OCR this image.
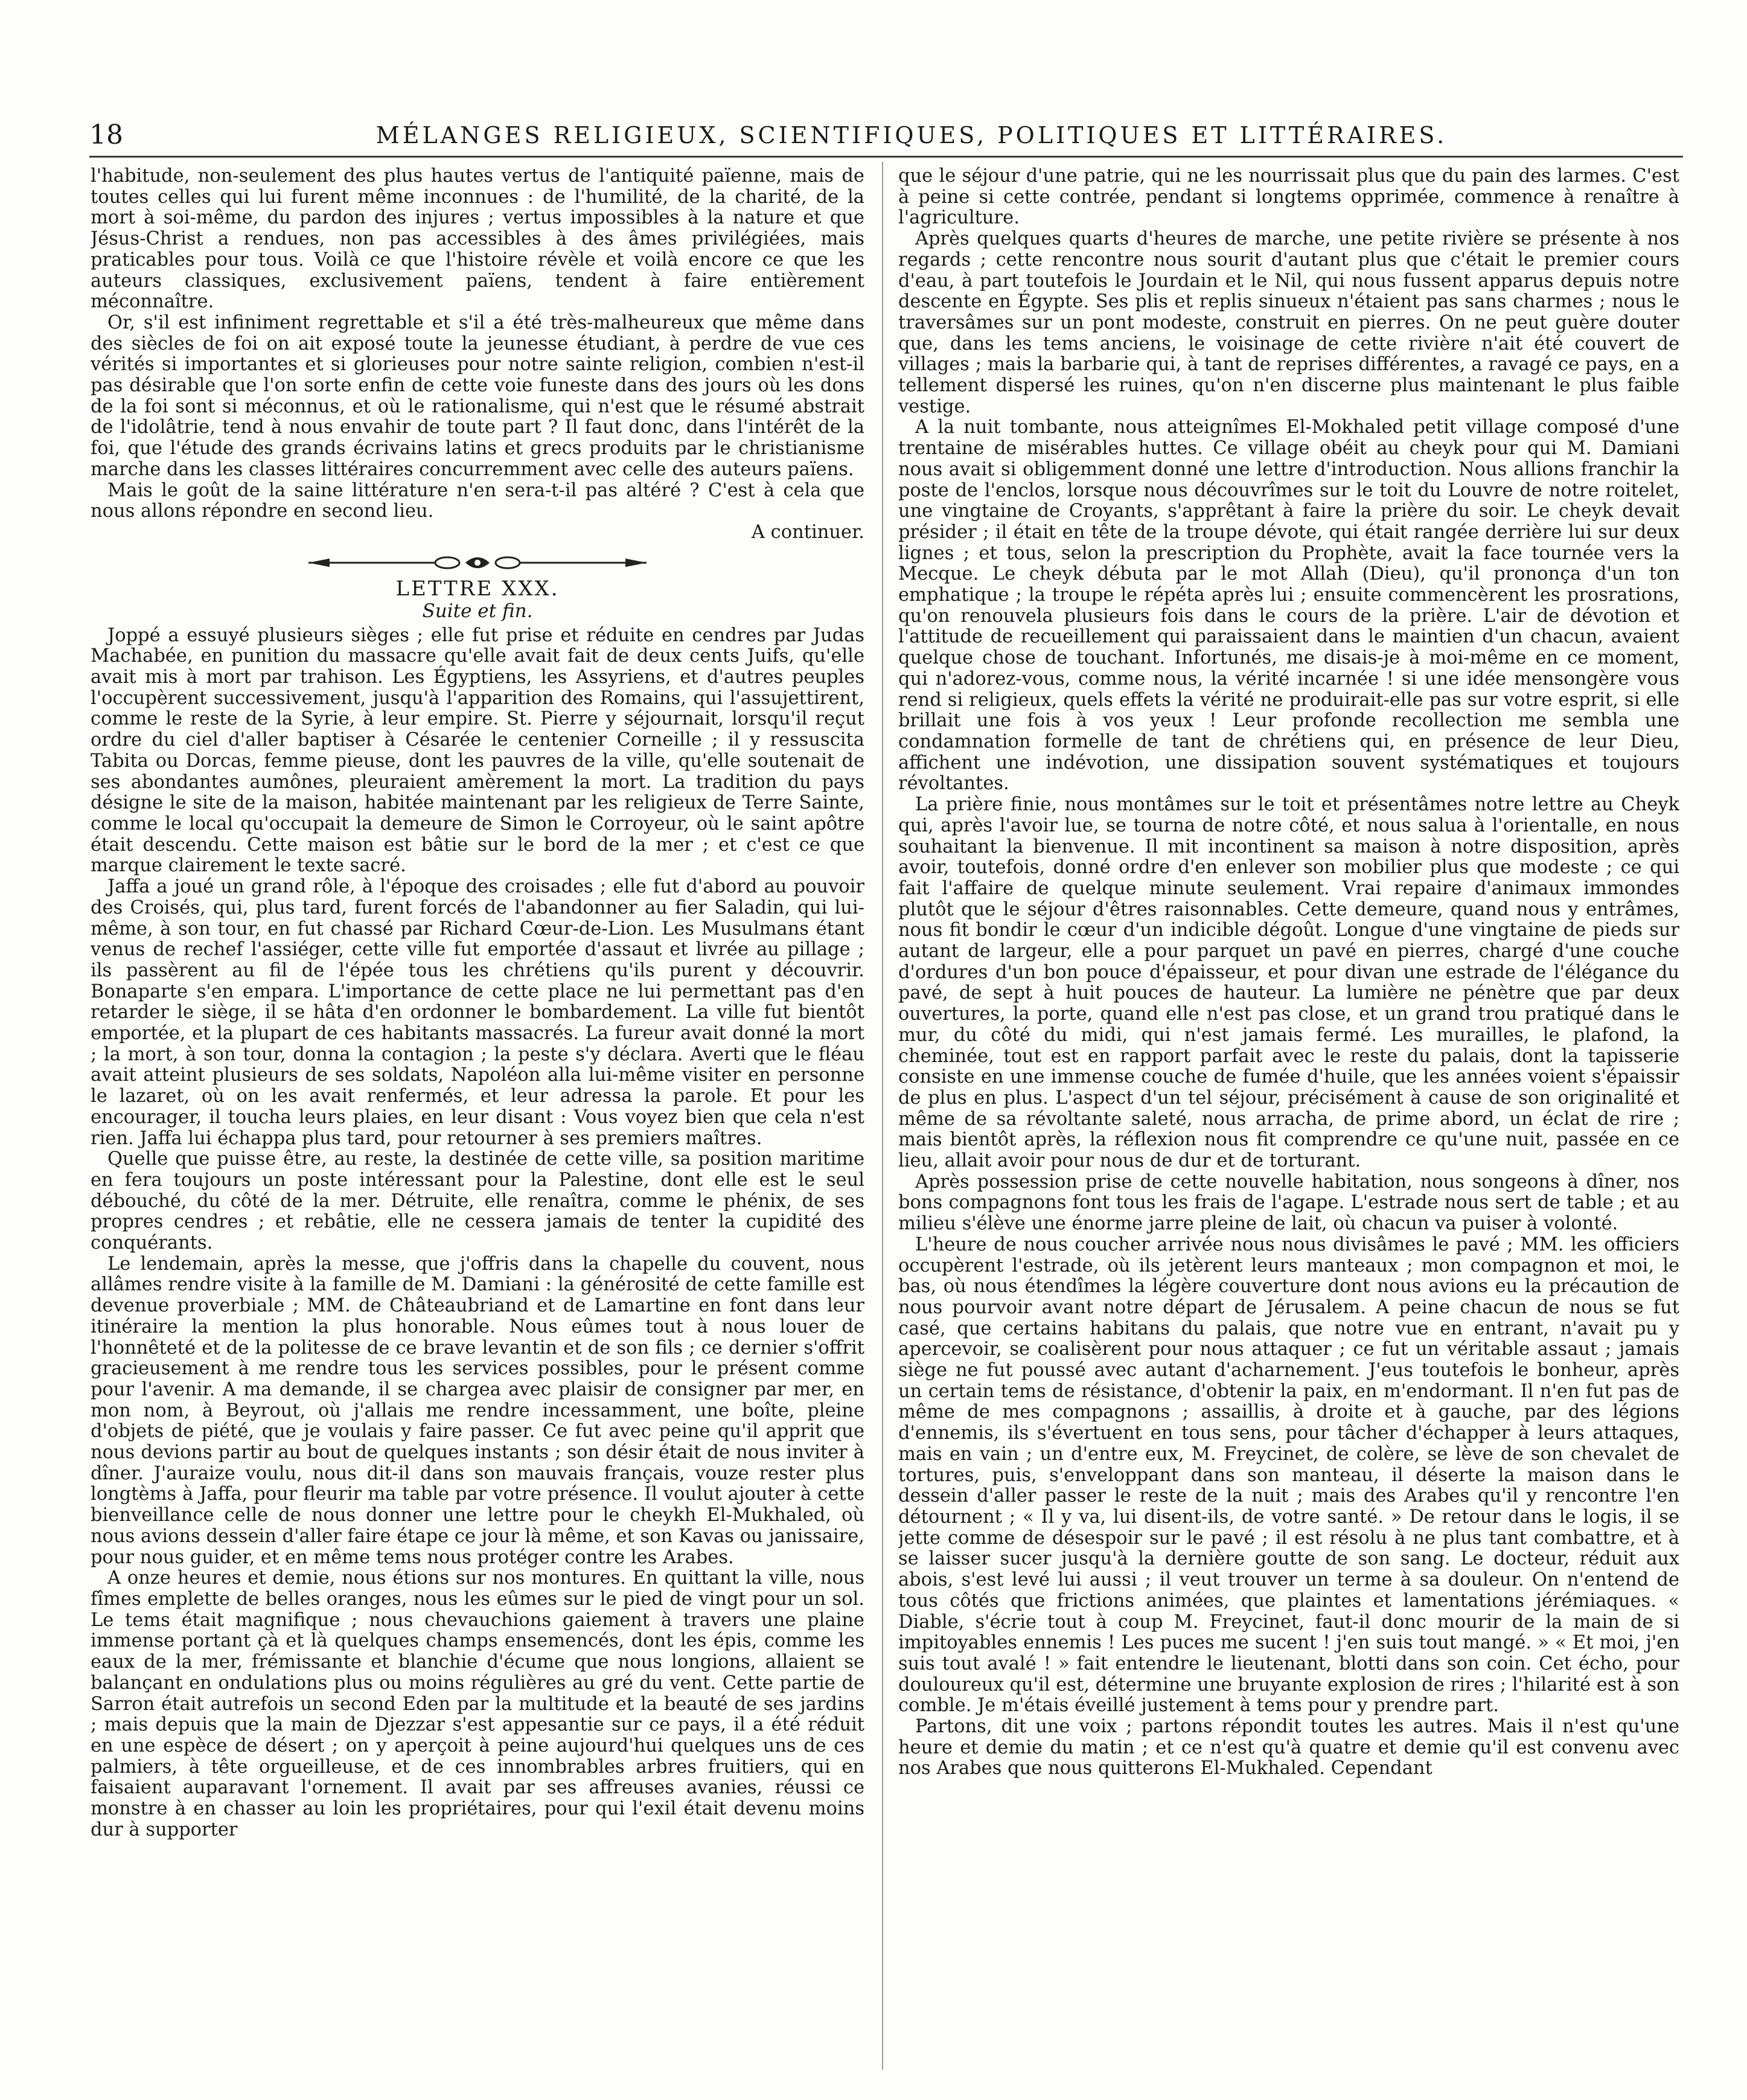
18	MÉLANGES RELIGIEUX, SCIENTIFIQUES, POLITIQUES ET LITTÉRAIRES.

l'habitude, non-seulement des plus hautes vertus de l'antiquité païenne, mais de toutes celles qui lui furent même inconnues : de l'humilité, de la charité, de la mort à soi-même, du pardon des injures ; vertus impossibles à la nature et que Jésus-Christ a rendues, non pas accessibles à des âmes privilégiées, mais praticables pour tous. Voilà ce que l'histoire révèle et voilà encore ce que les auteurs classiques, exclusivement païens, tendent à faire entièrement méconnaître.

Or, s'il est infiniment regrettable et s'il a été très-malheureux que même dans des siècles de foi on ait exposé toute la jeunesse étudiant, à perdre de vue ces vérités si importantes et si glorieuses pour notre sainte religion, combien n'est-il pas désirable que l'on sorte enfin de cette voie funeste dans des jours où les dons de la foi sont si méconnus, et où le rationalisme, qui n'est que le résumé abstrait de l'idolâtrie, tend à nous envahir de toute part ? Il faut donc, dans l'intérêt de la foi, que l'étude des grands écrivains latins et grecs produits par le christianisme marche dans les classes littéraires concurremment avec celle des auteurs païens.

Mais le goût de la saine littérature n'en sera-t-il pas altéré ? C'est à cela que nous allons répondre en second lieu.
A continuer.

LETTRE XXX.
Suite et fin.

Joppé a essuyé plusieurs sièges ; elle fut prise et réduite en cendres par Judas Machabée, en punition du massacre qu'elle avait fait de deux cents Juifs, qu'elle avait mis à mort par trahison. Les Égyptiens, les Assyriens, et d'autres peuples l'occupèrent successivement, jusqu'à l'apparition des Romains, qui l'assujettirent, comme le reste de la Syrie, à leur empire. St. Pierre y séjournait, lorsqu'il reçut ordre du ciel d'aller baptiser à Césarée le centenier Corneille ; il y ressuscita Tabita ou Dorcas, femme pieuse, dont les pauvres de la ville, qu'elle soutenait de ses abondantes aumônes, pleuraient amèrement la mort. La tradition du pays désigne le site de la maison, habitée maintenant par les religieux de Terre Sainte, comme le local qu'occupait la demeure de Simon le Corroyeur, où le saint apôtre était descendu. Cette maison est bâtie sur le bord de la mer ; et c'est ce que marque clairement le texte sacré.

Jaffa a joué un grand rôle, à l'époque des croisades ; elle fut d'abord au pouvoir des Croisés, qui, plus tard, furent forcés de l'abandonner au fier Saladin, qui lui-même, à son tour, en fut chassé par Richard Cœur-de-Lion. Les Musulmans étant venus de rechef l'assiéger, cette ville fut emportée d'assaut et livrée au pillage ; ils passèrent au fil de l'épée tous les chrétiens qu'ils purent y découvrir. Bonaparte s'en empara. L'importance de cette place ne lui permettant pas d'en retarder le siège, il se hâta d'en ordonner le bombardement. La ville fut bientôt emportée, et la plupart de ces habitants massacrés. La fureur avait donné la mort ; la mort, à son tour, donna la contagion ; la peste s'y déclara. Averti que le fléau avait atteint plusieurs de ses soldats, Napoléon alla lui-même visiter en personne le lazaret, où on les avait renfermés, et leur adressa la parole. Et pour les encourager, il toucha leurs plaies, en leur disant : Vous voyez bien que cela n'est rien. Jaffa lui échappa plus tard, pour retourner à ses premiers maîtres.

Quelle que puisse être, au reste, la destinée de cette ville, sa position maritime en fera toujours un poste intéressant pour la Palestine, dont elle est le seul débouché, du côté de la mer. Détruite, elle renaîtra, comme le phénix, de ses propres cendres ; et rebâtie, elle ne cessera jamais de tenter la cupidité des conquérants.

Le lendemain, après la messe, que j'offris dans la chapelle du couvent, nous allâmes rendre visite à la famille de M. Damiani : la générosité de cette famille est devenue proverbiale ; MM. de Châteaubriand et de Lamartine en font dans leur itinéraire la mention la plus honorable. Nous eûmes tout à nous louer de l'honnêteté et de la politesse de ce brave levantin et de son fils ; ce dernier s'offrit gracieusement à me rendre tous les services possibles, pour le présent comme pour l'avenir. A ma demande, il se chargea avec plaisir de consigner par mer, en mon nom, à Beyrout, où j'allais me rendre incessamment, une boîte, pleine d'objets de piété, que je voulais y faire passer. Ce fut avec peine qu'il apprit que nous devions partir au bout de quelques instants ; son désir était de nous inviter à dîner. J'auraize voulu, nous dit-il dans son mauvais français, vouze rester plus longtèms à Jaffa, pour fleurir ma table par votre présence. Il voulut ajouter à cette bienveillance celle de nous donner une lettre pour le cheykh El-Mukhaled, où nous avions dessein d'aller faire étape ce jour là même, et son Kavas ou janissaire, pour nous guider, et en même tems nous protéger contre les Arabes.

A onze heures et demie, nous étions sur nos montures. En quittant la ville, nous fîmes emplette de belles oranges, nous les eûmes sur le pied de vingt pour un sol. Le tems était magnifique ; nous chevauchions gaiement à travers une plaine immense portant çà et là quelques champs ensemencés, dont les épis, comme les eaux de la mer, frémissante et blanchie d'écume que nous longions, allaient se balançant en ondulations plus ou moins régulières au gré du vent. Cette partie de Sarron était autrefois un second Eden par la multitude et la beauté de ses jardins ; mais depuis que la main de Djezzar s'est appesantie sur ce pays, il a été réduit en une espèce de désert ; on y aperçoit à peine aujourd'hui quelques uns de ces palmiers, à tête orgueilleuse, et de ces innombrables arbres fruitiers, qui en faisaient auparavant l'ornement. Il avait par ses affreuses avanies, réussi ce monstre à en chasser au loin les propriétaires, pour qui l'exil était devenu moins dur à supporter

que le séjour d'une patrie, qui ne les nourrissait plus que du pain des larmes. C'est à peine si cette contrée, pendant si longtems opprimée, commence à renaître à l'agriculture.

Après quelques quarts d'heures de marche, une petite rivière se présente à nos regards ; cette rencontre nous sourit d'autant plus que c'était le premier cours d'eau, à part toutefois le Jourdain et le Nil, qui nous fussent apparus depuis notre descente en Égypte. Ses plis et replis sinueux n'étaient pas sans charmes ; nous le traversâmes sur un pont modeste, construit en pierres. On ne peut guère douter que, dans les tems anciens, le voisinage de cette rivière n'ait été couvert de villages ; mais la barbarie qui, à tant de reprises différentes, a ravagé ce pays, en a tellement dispersé les ruines, qu'on n'en discerne plus maintenant le plus faible vestige.

A la nuit tombante, nous atteignîmes El-Mokhaled petit village composé d'une trentaine de misérables huttes. Ce village obéit au cheyk pour qui M. Damiani nous avait si obligemment donné une lettre d'introduction. Nous allions franchir la poste de l'enclos, lorsque nous découvrîmes sur le toit du Louvre de notre roitelet, une vingtaine de Croyants, s'apprêtant à faire la prière du soir. Le cheyk devait présider ; il était en tête de la troupe dévote, qui était rangée derrière lui sur deux lignes ; et tous, selon la prescription du Prophète, avait la face tournée vers la Mecque. Le cheyk débuta par le mot Allah (Dieu), qu'il prononça d'un ton emphatique ; la troupe le répéta après lui ; ensuite commencèrent les prosrations, qu'on renouvela plusieurs fois dans le cours de la prière. L'air de dévotion et l'attitude de recueillement qui paraissaient dans le maintien d'un chacun, avaient quelque chose de touchant. Infortunés, me disais-je à moi-même en ce moment, qui n'adorez-vous, comme nous, la vérité incarnée ! si une idée mensongère vous rend si religieux, quels effets la vérité ne produirait-elle pas sur votre esprit, si elle brillait une fois à vos yeux ! Leur profonde recollection me sembla une condamnation formelle de tant de chrétiens qui, en présence de leur Dieu, affichent une indévotion, une dissipation souvent systématiques et toujours révoltantes.

La prière finie, nous montâmes sur le toit et présentâmes notre lettre au Cheyk qui, après l'avoir lue, se tourna de notre côté, et nous salua à l'orientalle, en nous souhaitant la bienvenue. Il mit incontinent sa maison à notre disposition, après avoir, toutefois, donné ordre d'en enlever son mobilier plus que modeste ; ce qui fait l'affaire de quelque minute seulement. Vrai repaire d'animaux immondes plutôt que le séjour d'êtres raisonnables. Cette demeure, quand nous y entrâmes, nous fit bondir le cœur d'un indicible dégoût. Longue d'une vingtaine de pieds sur autant de largeur, elle a pour parquet un pavé en pierres, chargé d'une couche d'ordures d'un bon pouce d'épaisseur, et pour divan une estrade de l'élégance du pavé, de sept à huit pouces de hauteur. La lumière ne pénètre que par deux ouvertures, la porte, quand elle n'est pas close, et un grand trou pratiqué dans le mur, du côté du midi, qui n'est jamais fermé. Les murailles, le plafond, la cheminée, tout est en rapport parfait avec le reste du palais, dont la tapisserie consiste en une immense couche de fumée d'huile, que les années voient s'épaissir de plus en plus. L'aspect d'un tel séjour, précisément à cause de son originalité et même de sa révoltante saleté, nous arracha, de prime abord, un éclat de rire ; mais bientôt après, la réflexion nous fit comprendre ce qu'une nuit, passée en ce lieu, allait avoir pour nous de dur et de torturant.

Après possession prise de cette nouvelle habitation, nous songeons à dîner, nos bons compagnons font tous les frais de l'agape. L'estrade nous sert de table ; et au milieu s'élève une énorme jarre pleine de lait, où chacun va puiser à volonté.

L'heure de nous coucher arrivée nous nous divisâmes le pavé ; MM. les officiers occupèrent l'estrade, où ils jetèrent leurs manteaux ; mon compagnon et moi, le bas, où nous étendîmes la légère couverture dont nous avions eu la précaution de nous pourvoir avant notre départ de Jérusalem. A peine chacun de nous se fut casé, que certains habitans du palais, que notre vue en entrant, n'avait pu y apercevoir, se coalisèrent pour nous attaquer ; ce fut un véritable assaut ; jamais siège ne fut poussé avec autant d'acharnement. J'eus toutefois le bonheur, après un certain tems de résistance, d'obtenir la paix, en m'endormant. Il n'en fut pas de même de mes compagnons ; assaillis, à droite et à gauche, par des légions d'ennemis, ils s'évertuent en tous sens, pour tâcher d'échapper à leurs attaques, mais en vain ; un d'entre eux, M. Freycinet, de colère, se lève de son chevalet de tortures, puis, s'enveloppant dans son manteau, il déserte la maison dans le dessein d'aller passer le reste de la nuit ; mais des Arabes qu'il y rencontre l'en détournent ; « Il y va, lui disent-ils, de votre santé. » De retour dans le logis, il se jette comme de désespoir sur le pavé ; il est résolu à ne plus tant combattre, et à se laisser sucer jusqu'à la dernière goutte de son sang. Le docteur, réduit aux abois, s'est levé lui aussi ; il veut trouver un terme à sa douleur. On n'entend de tous côtés que frictions animées, que plaintes et lamentations jérémiaques. « Diable, s'écrie tout à coup M. Freycinet, faut-il donc mourir de la main de si impitoyables ennemis ! Les puces me sucent ! j'en suis tout mangé. » « Et moi, j'en suis tout avalé ! » fait entendre le lieutenant, blotti dans son coin. Cet écho, pour douloureux qu'il est, détermine une bruyante explosion de rires ; l'hilarité est à son comble. Je m'étais éveillé justement à tems pour y prendre part.

Partons, dit une voix ; partons répondit toutes les autres. Mais il n'est qu'une heure et demie du matin ; et ce n'est qu'à quatre et demie qu'il est convenu avec nos Arabes que nous quitterons El-Mukhaled. Cependant
